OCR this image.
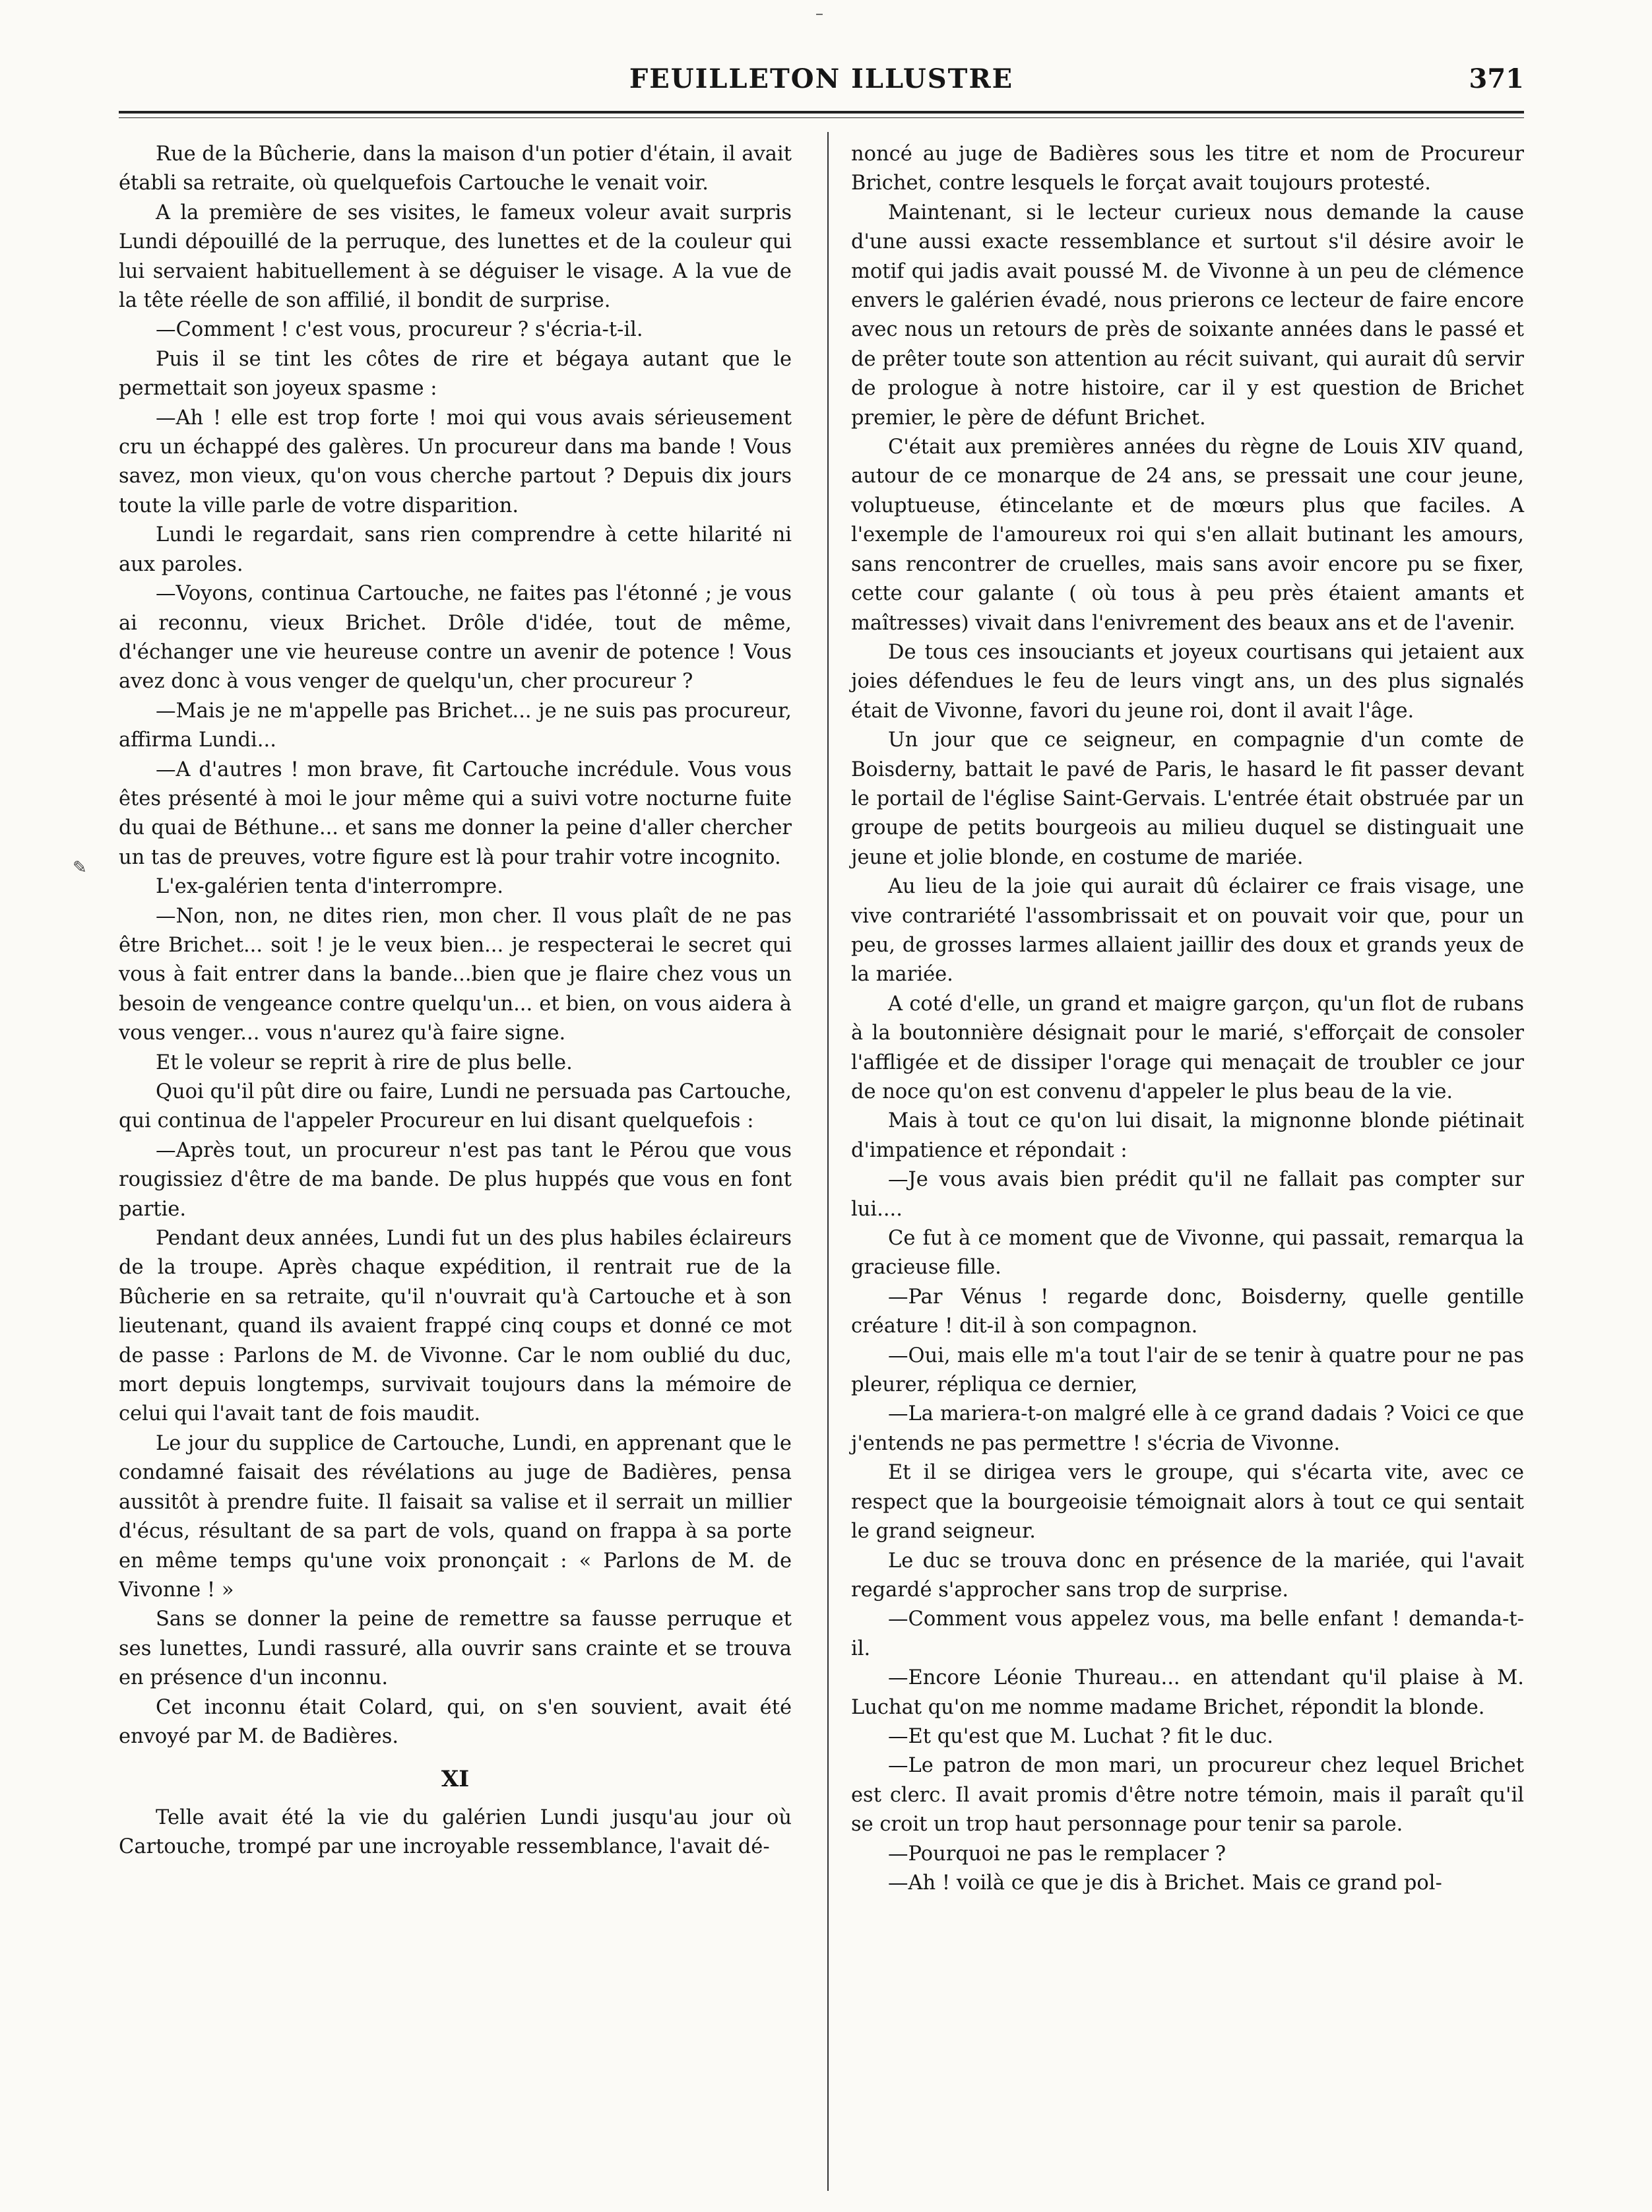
–
FEUILLETON ILLUSTRE	371
✎

Rue de la Bûcherie, dans la maison d'un potier d'étain, il avait établi sa retraite, où quelquefois Cartouche le venait voir.

A la première de ses visites, le fameux voleur avait surpris Lundi dépouillé de la perruque, des lunettes et de la couleur qui lui servaient habituellement à se déguiser le visage. A la vue de la tête réelle de son affilié, il bondit de surprise.

—Comment ! c'est vous, procureur ? s'écria-t-il.

Puis il se tint les côtes de rire et bégaya autant que le permettait son joyeux spasme :

—Ah ! elle est trop forte ! moi qui vous avais sérieusement cru un échappé des galères. Un procureur dans ma bande ! Vous savez, mon vieux, qu'on vous cherche partout ? Depuis dix jours toute la ville parle de votre disparition.

Lundi le regardait, sans rien comprendre à cette hilarité ni aux paroles.

—Voyons, continua Cartouche, ne faites pas l'étonné ; je vous ai reconnu, vieux Brichet. Drôle d'idée, tout de même, d'échanger une vie heureuse contre un avenir de potence ! Vous avez donc à vous venger de quelqu'un, cher procureur ?

—Mais je ne m'appelle pas Brichet... je ne suis pas procureur, affirma Lundi...

—A d'autres ! mon brave, fit Cartouche incrédule. Vous vous êtes présenté à moi le jour même qui a suivi votre nocturne fuite du quai de Béthune... et sans me donner la peine d'aller chercher un tas de preuves, votre figure est là pour trahir votre incognito.

L'ex-galérien tenta d'interrompre.

—Non, non, ne dites rien, mon cher. Il vous plaît de ne pas être Brichet... soit ! je le veux bien... je respecterai le secret qui vous à fait entrer dans la bande...bien que je flaire chez vous un besoin de vengeance contre quelqu'un... et bien, on vous aidera à vous venger... vous n'aurez qu'à faire signe.

Et le voleur se reprit à rire de plus belle.

Quoi qu'il pût dire ou faire, Lundi ne persuada pas Cartouche, qui continua de l'appeler Procureur en lui disant quelquefois :

—Après tout, un procureur n'est pas tant le Pérou que vous rougissiez d'être de ma bande. De plus huppés que vous en font partie.

Pendant deux années, Lundi fut un des plus habiles éclaireurs de la troupe. Après chaque expédition, il rentrait rue de la Bûcherie en sa retraite, qu'il n'ouvrait qu'à Cartouche et à son lieutenant, quand ils avaient frappé cinq coups et donné ce mot de passe : Parlons de M. de Vivonne. Car le nom oublié du duc, mort depuis longtemps, survivait toujours dans la mémoire de celui qui l'avait tant de fois maudit.

Le jour du supplice de Cartouche, Lundi, en apprenant que le condamné faisait des révélations au juge de Badières, pensa aussitôt à prendre fuite. Il faisait sa valise et il serrait un millier d'écus, résultant de sa part de vols, quand on frappa à sa porte en même temps qu'une voix prononçait : « Parlons de M. de Vivonne ! »

Sans se donner la peine de remettre sa fausse perruque et ses lunettes, Lundi rassuré, alla ouvrir sans crainte et se trouva en présence d'un inconnu.

Cet inconnu était Colard, qui, on s'en souvient, avait été envoyé par M. de Badières.

XI

Telle avait été la vie du galérien Lundi jusqu'au jour où Cartouche, trompé par une incroyable ressemblance, l'avait dé-

noncé au juge de Badières sous les titre et nom de Procureur Brichet, contre lesquels le forçat avait toujours protesté.

Maintenant, si le lecteur curieux nous demande la cause d'une aussi exacte ressemblance et surtout s'il désire avoir le motif qui jadis avait poussé M. de Vivonne à un peu de clémence envers le galérien évadé, nous prierons ce lecteur de faire encore avec nous un retours de près de soixante années dans le passé et de prêter toute son attention au récit suivant, qui aurait dû servir de prologue à notre histoire, car il y est question de Brichet premier, le père de défunt Brichet.

C'était aux premières années du règne de Louis XIV quand, autour de ce monarque de 24 ans, se pressait une cour jeune, voluptueuse, étincelante et de mœurs plus que faciles. A l'exemple de l'amoureux roi qui s'en allait butinant les amours, sans rencontrer de cruelles, mais sans avoir encore pu se fixer, cette cour galante ( où tous à peu près étaient amants et maîtresses) vivait dans l'enivrement des beaux ans et de l'avenir.

De tous ces insouciants et joyeux courtisans qui jetaient aux joies défendues le feu de leurs vingt ans, un des plus signalés était de Vivonne, favori du jeune roi, dont il avait l'âge.

Un jour que ce seigneur, en compagnie d'un comte de Boisderny, battait le pavé de Paris, le hasard le fit passer devant le portail de l'église Saint-Gervais. L'entrée était obstruée par un groupe de petits bourgeois au milieu duquel se distinguait une jeune et jolie blonde, en costume de mariée.

Au lieu de la joie qui aurait dû éclairer ce frais visage, une vive contrariété l'assombrissait et on pouvait voir que, pour un peu, de grosses larmes allaient jaillir des doux et grands yeux de la mariée.

A coté d'elle, un grand et maigre garçon, qu'un flot de rubans à la boutonnière désignait pour le marié, s'efforçait de consoler l'affligée et de dissiper l'orage qui menaçait de troubler ce jour de noce qu'on est convenu d'appeler le plus beau de la vie.

Mais à tout ce qu'on lui disait, la mignonne blonde piétinait d'impatience et répondait :

—Je vous avais bien prédit qu'il ne fallait pas compter sur lui....

Ce fut à ce moment que de Vivonne, qui passait, remarqua la gracieuse fille.

—Par Vénus ! regarde donc, Boisderny, quelle gentille créature ! dit-il à son compagnon.

—Oui, mais elle m'a tout l'air de se tenir à quatre pour ne pas pleurer, répliqua ce dernier,

—La mariera-t-on malgré elle à ce grand dadais ? Voici ce que j'entends ne pas permettre ! s'écria de Vivonne.

Et il se dirigea vers le groupe, qui s'écarta vite, avec ce respect que la bourgeoisie témoignait alors à tout ce qui sentait le grand seigneur.

Le duc se trouva donc en présence de la mariée, qui l'avait regardé s'approcher sans trop de surprise.

—Comment vous appelez vous, ma belle enfant ! demanda-t-il.

—Encore Léonie Thureau... en attendant qu'il plaise à M. Luchat qu'on me nomme madame Brichet, répondit la blonde.

—Et qu'est que M. Luchat ? fit le duc.

—Le patron de mon mari, un procureur chez lequel Brichet est clerc. Il avait promis d'être notre témoin, mais il paraît qu'il se croit un trop haut personnage pour tenir sa parole.

—Pourquoi ne pas le remplacer ?

—Ah ! voilà ce que je dis à Brichet. Mais ce grand pol-
